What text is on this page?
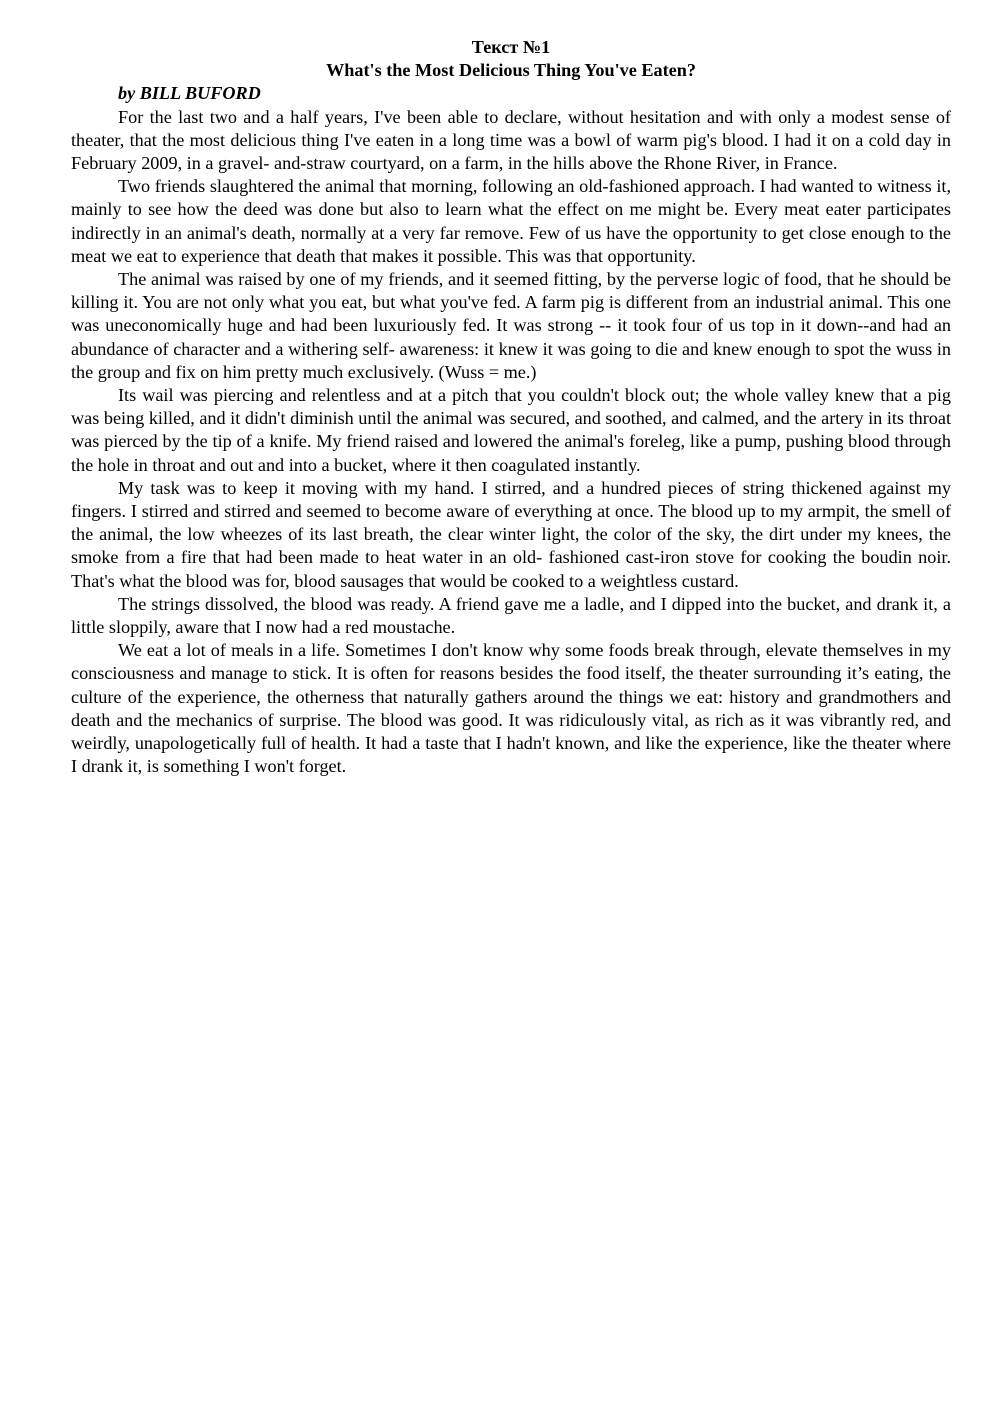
Текст №1

What's the Most Delicious Thing You've Eaten?

by BILL BUFORD

For the last two and a half years, I've been able to declare, without hesitation and with only a modest sense of theater, that the most delicious thing I've eaten in a long time was a bowl of warm pig's blood. I had it on a cold day in February 2009, in a gravel- and-straw courtyard, on a farm, in the hills above the Rhone River, in France.

Two friends slaughtered the animal that morning, following an old-fashioned approach. I had wanted to witness it, mainly to see how the deed was done but also to learn what the effect on me might be. Every meat eater participates indirectly in an animal's death, normally at a very far remove. Few of us have the opportunity to get close enough to the meat we eat to experience that death that makes it possible. This was that opportunity.

The animal was raised by one of my friends, and it seemed fitting, by the perverse logic of food, that he should be killing it. You are not only what you eat, but what you've fed. A farm pig is different from an industrial animal. This one was uneconomically huge and had been luxuriously fed. It was strong -- it took four of us top in it down--and had an abundance of character and a withering self- awareness: it knew it was going to die and knew enough to spot the wuss in the group and fix on him pretty much exclusively. (Wuss = me.)

Its wail was piercing and relentless and at a pitch that you couldn't block out; the whole valley knew that a pig was being killed, and it didn't diminish until the animal was secured, and soothed, and calmed, and the artery in its throat was pierced by the tip of a knife. My friend raised and lowered the animal's foreleg, like a pump, pushing blood through the hole in throat and out and into a bucket, where it then coagulated instantly.

My task was to keep it moving with my hand. I stirred, and a hundred pieces of string thickened against my fingers. I stirred and stirred and seemed to become aware of everything at once. The blood up to my armpit, the smell of the animal, the low wheezes of its last breath, the clear winter light, the color of the sky, the dirt under my knees, the smoke from a fire that had been made to heat water in an old- fashioned cast-iron stove for cooking the boudin noir. That's what the blood was for, blood sausages that would be cooked to a weightless custard.

The strings dissolved, the blood was ready. A friend gave me a ladle, and I dipped into the bucket, and drank it, a little sloppily, aware that I now had a red moustache.

We eat a lot of meals in a life. Sometimes I don't know why some foods break through, elevate themselves in my consciousness and manage to stick. It is often for reasons besides the food itself, the theater surrounding it’s eating, the culture of the experience, the otherness that naturally gathers around the things we eat: history and grandmothers and death and the mechanics of surprise. The blood was good. It was ridiculously vital, as rich as it was vibrantly red, and weirdly, unapologetically full of health. It had a taste that I hadn't known, and like the experience, like the theater where I drank it, is something I won't forget.
